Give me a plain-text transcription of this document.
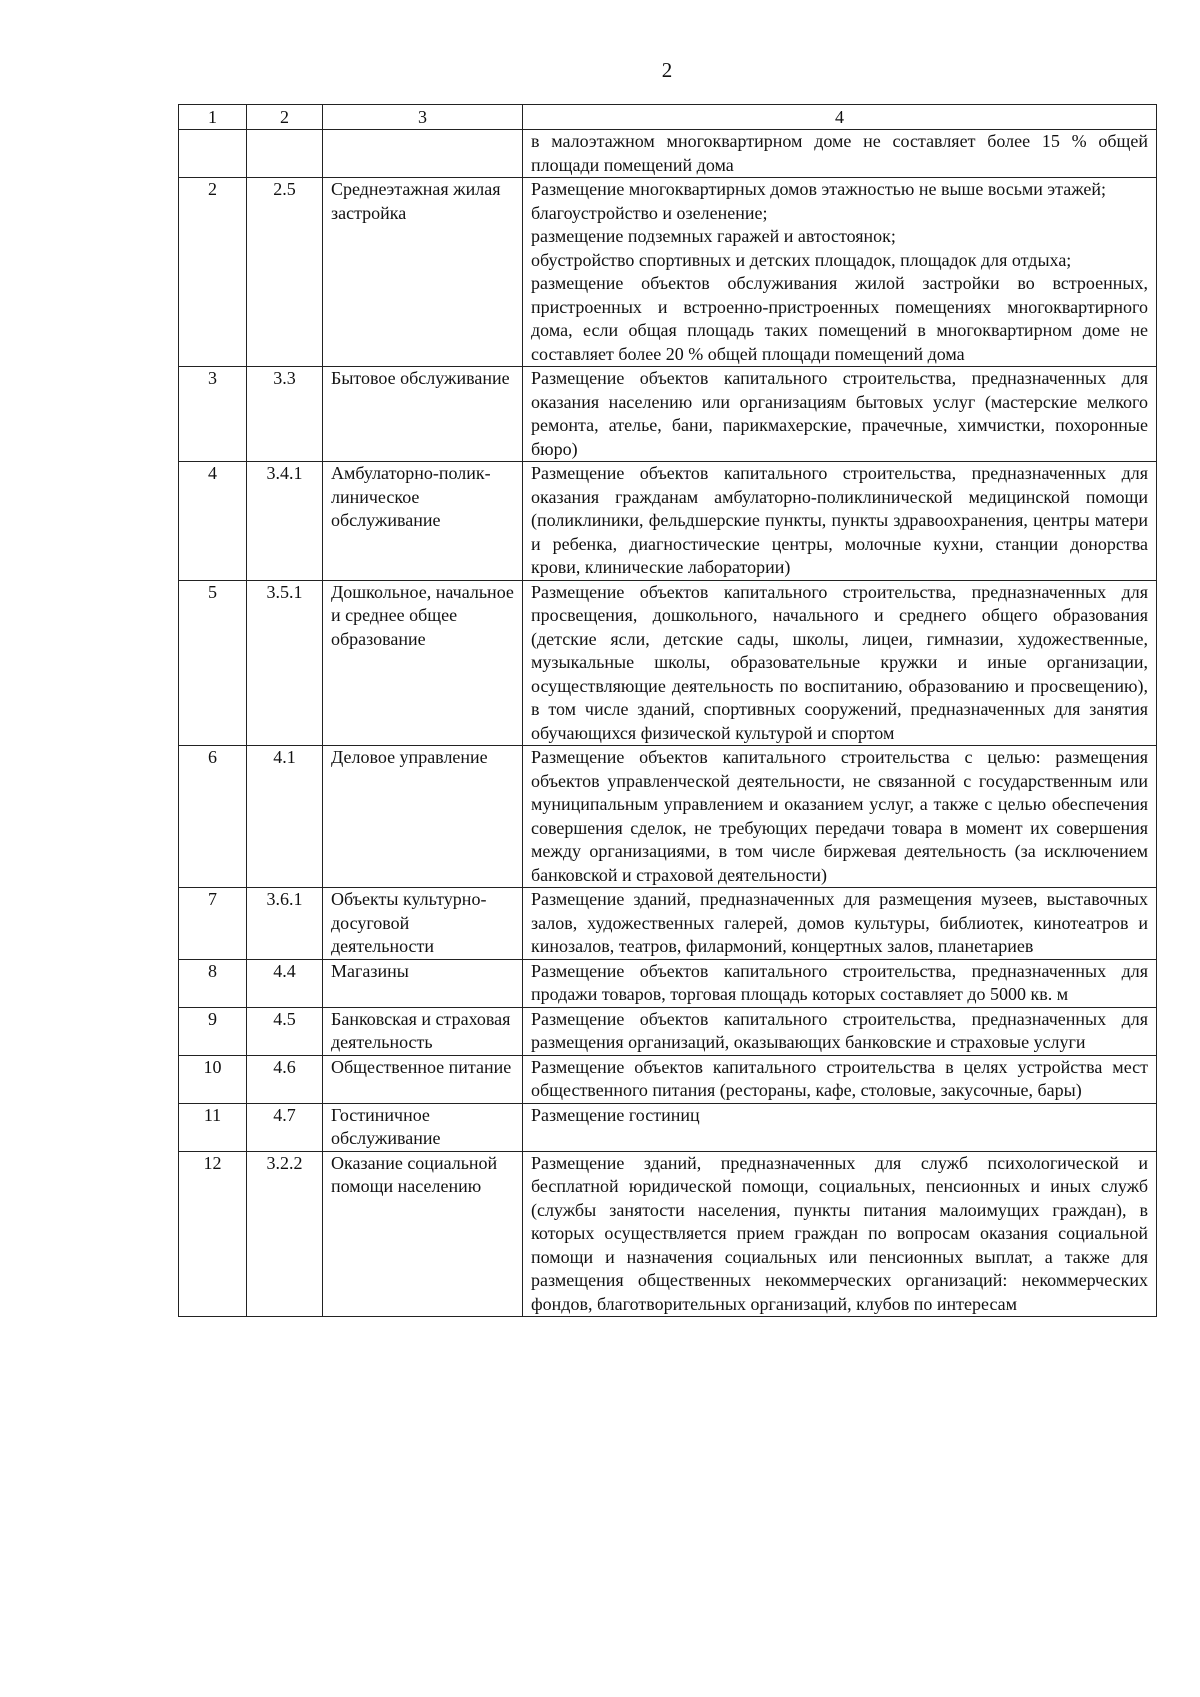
2
1	2	3	4

			в малоэтажном многоквартирном доме не составляет более 15 % общей площади помещений дома

2	2.5	Среднеэтажная жилая застройка	Размещение многоквартирных домов этажностью не выше восьми этажей;

благоустройство и озеленение;

размещение подземных гаражей и автостоянок;

обустройство спортивных и детских площадок, площадок для отдыха;

размещение объектов обслуживания жилой застройки во встроенных, пристроенных и встроенно-пристроенных помещениях многоквартирного дома, если общая площадь таких помещений в многоквартирном доме не составляет более 20 % общей площади помещений дома

3	3.3	Бытовое обслуживание	Размещение объектов капитального строительства, предназначенных для оказания населению или организациям бытовых услуг (мастерские мелкого ремонта, ателье, бани, парикмахерские, прачечные, химчистки, похоронные бюро)

4	3.4.1	Амбулаторно-полик-линическое обслуживание	Размещение объектов капитального строительства, предназначенных для оказания гражданам амбулаторно-поликлинической медицинской помощи (поликлиники, фельдшерские пункты, пункты здравоохранения, центры матери и ребенка, диагностические центры, молочные кухни, станции донорства крови, клинические лаборатории)

5	3.5.1	Дошкольное, начальное и среднее общее образование	Размещение объектов капитального строительства, предназначенных для просвещения, дошкольного, начального и среднего общего образования (детские ясли, детские сады, школы, лицеи, гимназии, художественные, музыкальные школы, образовательные кружки и иные организации, осуществляющие деятельность по воспитанию, образованию и просвещению), в том числе зданий, спортивных сооружений, предназначенных для занятия обучающихся физической культурой и спортом

6	4.1	Деловое управление	Размещение объектов капитального строительства с целью: размещения объектов управленческой деятельности, не связанной с государственным или муниципальным управлением и оказанием услуг, а также с целью обеспечения совершения сделок, не требующих передачи товара в момент их совершения между организациями, в том числе биржевая деятельность (за исключением банковской и страховой деятельности)

7	3.6.1	Объекты культурно-досуговой деятельности	Размещение зданий, предназначенных для размещения музеев, выставочных залов, художественных галерей, домов культуры, библиотек, кинотеатров и кинозалов, театров, филармоний, концертных залов, планетариев

8	4.4	Магазины	Размещение объектов капитального строительства, предназначенных для продажи товаров, торговая площадь которых составляет до 5000 кв. м

9	4.5	Банковская и страховая деятельность	Размещение объектов капитального строительства, предназначенных для размещения организаций, оказывающих банковские и страховые услуги

10	4.6	Общественное питание	Размещение объектов капитального строительства в целях устройства мест общественного питания (рестораны, кафе, столовые, закусочные, бары)

11	4.7	Гостиничное обслуживание	Размещение гостиниц

12	3.2.2	Оказание социальной помощи населению	Размещение зданий, предназначенных для служб психологической и бесплатной юридической помощи, социальных, пенсионных и иных служб (службы занятости населения, пункты питания малоимущих граждан), в которых осуществляется прием граждан по вопросам оказания социальной помощи и назначения социальных или пенсионных выплат, а также для размещения общественных некоммерческих организаций: некоммерческих фондов, благотворительных организаций, клубов по интересам
